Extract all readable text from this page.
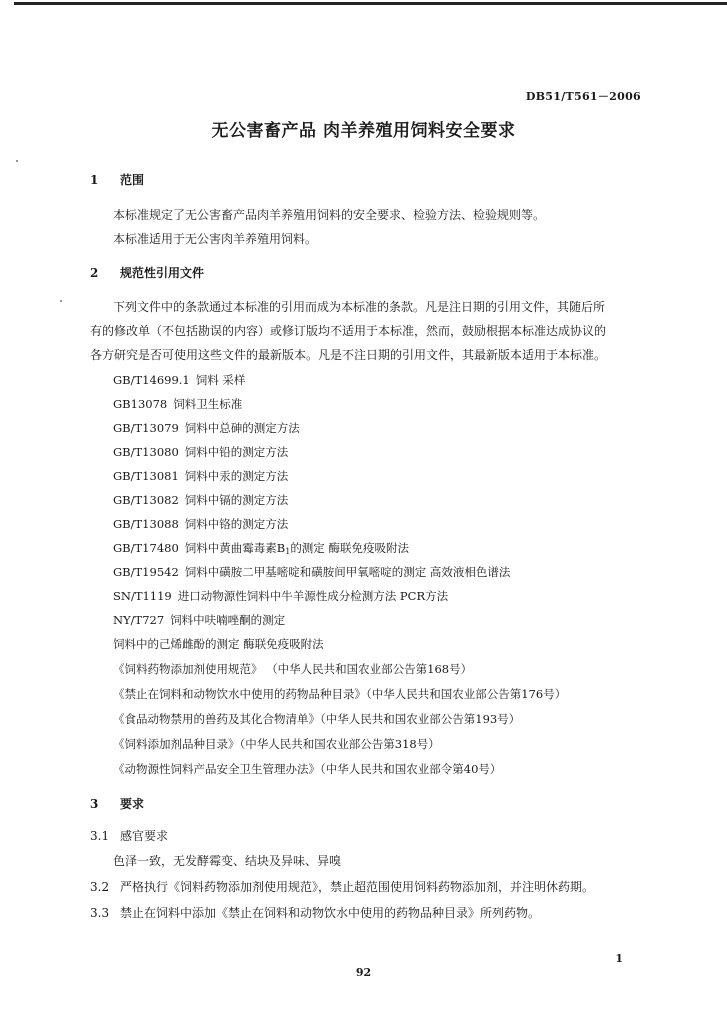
DB51/T561－2006
无公害畜产品 肉羊养殖用饲料安全要求
1 范围
本标准规定了无公害畜产品肉羊养殖用饲料的安全要求、检验方法、检验规则等。
本标准适用于无公害肉羊养殖用饲料。
2 规范性引用文件
下列文件中的条款通过本标准的引用而成为本标准的条款。凡是注日期的引用文件，其随后所
有的修改单（不包括勘误的内容）或修订版均不适用于本标准，然而，鼓励根据本标准达成协议的
各方研究是否可使用这些文件的最新版本。凡是不注日期的引用文件，其最新版本适用于本标准。
GB/T14699.1 饲料 采样
GB13078 饲料卫生标准
GB/T13079 饲料中总砷的测定方法
GB/T13080 饲料中铅的测定方法
GB/T13081 饲料中汞的测定方法
GB/T13082 饲料中镉的测定方法
GB/T13088 饲料中铬的测定方法
GB/T17480 饲料中黄曲霉毒素$B_1$的测定 酶联免疫吸附法
GB/T19542 饲料中磺胺二甲基嘧啶和磺胺间甲氧嘧啶的测定 高效液相色谱法
SN/T1119 进口动物源性饲料中牛羊源性成分检测方法 PCR方法
NY/T727 饲料中呋喃唑酮的测定
饲料中的己烯雌酚的测定 酶联免疫吸附法
《饲料药物添加剂使用规范》 （中华人民共和国农业部公告第168号）
《禁止在饲料和动物饮水中使用的药物品种目录》（中华人民共和国农业部公告第176号）
《食品动物禁用的兽药及其化合物清单》（中华人民共和国农业部公告第193号）
《饲料添加剂品种目录》（中华人民共和国农业部公告第318号）
《动物源性饲料产品安全卫生管理办法》（中华人民共和国农业部令第40号）
3 要求
3.1 感官要求
色泽一致，无发酵霉变、结块及异味、异嗅
3.2 严格执行《饲料药物添加剂使用规范》，禁止超范围使用饲料药物添加剂，并注明休药期。
3.3 禁止在饲料中添加《禁止在饲料和动物饮水中使用的药物品种目录》所列药物。
1
92
